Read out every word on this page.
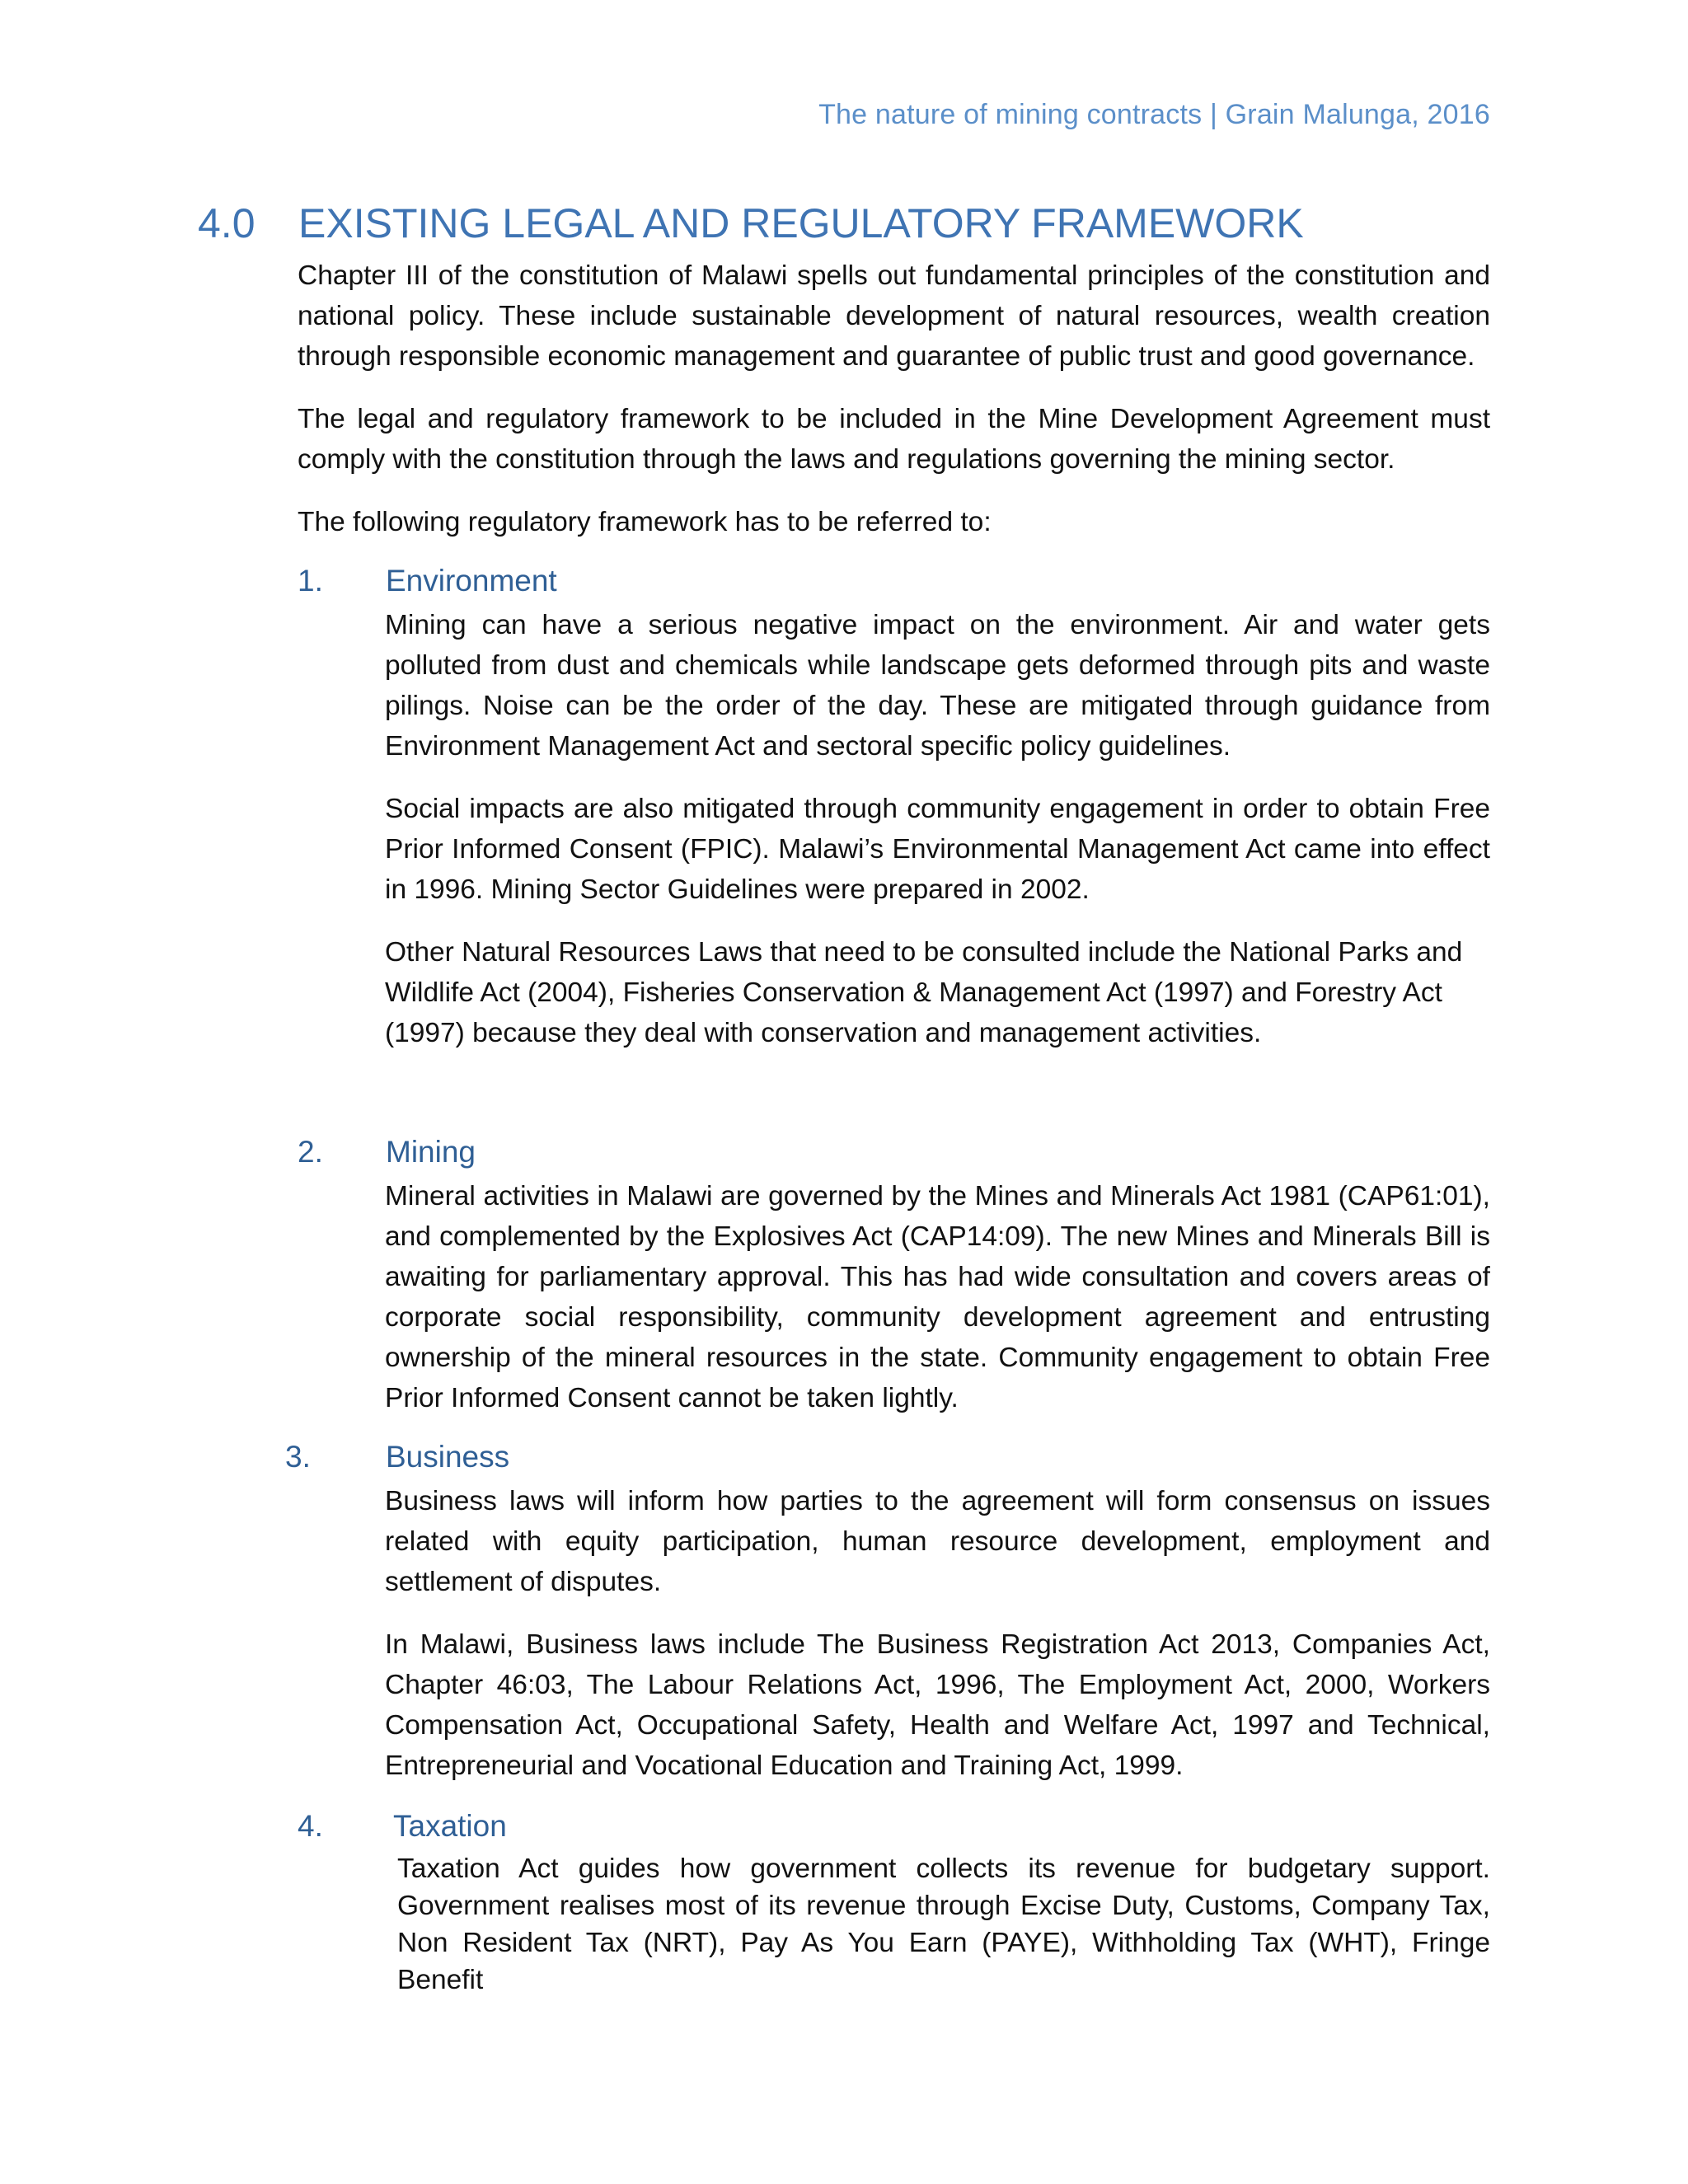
The nature of mining contracts | Grain Malunga, 2016
4.0 EXISTING LEGAL AND REGULATORY FRAMEWORK

Chapter III of the constitution of Malawi spells out fundamental principles of the constitution and national policy. These include sustainable development of natural resources, wealth creation through responsible economic management and guarantee of public trust and good governance.

The legal and regulatory framework to be included in the Mine Development Agreement must comply with the constitution through the laws and regulations governing the mining sector.

The following regulatory framework has to be referred to:

1. Environment

Mining can have a serious negative impact on the environment. Air and water gets polluted from dust and chemicals while landscape gets deformed through pits and waste pilings. Noise can be the order of the day. These are mitigated through guidance from Environment Management Act and sectoral specific policy guidelines.

Social impacts are also mitigated through community engagement in order to obtain Free Prior Informed Consent (FPIC). Malawi’s Environmental Management Act came into effect in 1996. Mining Sector Guidelines were prepared in 2002.

Other Natural Resources Laws that need to be consulted include the National Parks and Wildlife Act (2004), Fisheries Conservation & Management Act (1997) and Forestry Act (1997) because they deal with conservation and management activities.

2. Mining

Mineral activities in Malawi are governed by the Mines and Minerals Act 1981 (CAP61:01), and complemented by the Explosives Act (CAP14:09). The new Mines and Minerals Bill is awaiting for parliamentary approval. This has had wide consultation and covers areas of corporate social responsibility, community development agreement and entrusting ownership of the mineral resources in the state. Community engagement to obtain Free Prior Informed Consent cannot be taken lightly.

3. Business

Business laws will inform how parties to the agreement will form consensus on issues related with equity participation, human resource development, employment and settlement of disputes.

In Malawi, Business laws include The Business Registration Act 2013, Companies Act, Chapter 46:03, The Labour Relations Act, 1996, The Employment Act, 2000, Workers Compensation Act, Occupational Safety, Health and Welfare Act, 1997 and Technical, Entrepreneurial and Vocational Education and Training Act, 1999.

4. Taxation

Taxation Act guides how government collects its revenue for budgetary support. Government realises most of its revenue through Excise Duty, Customs, Company Tax, Non Resident Tax (NRT), Pay As You Earn (PAYE), Withholding Tax (WHT), Fringe Benefit
